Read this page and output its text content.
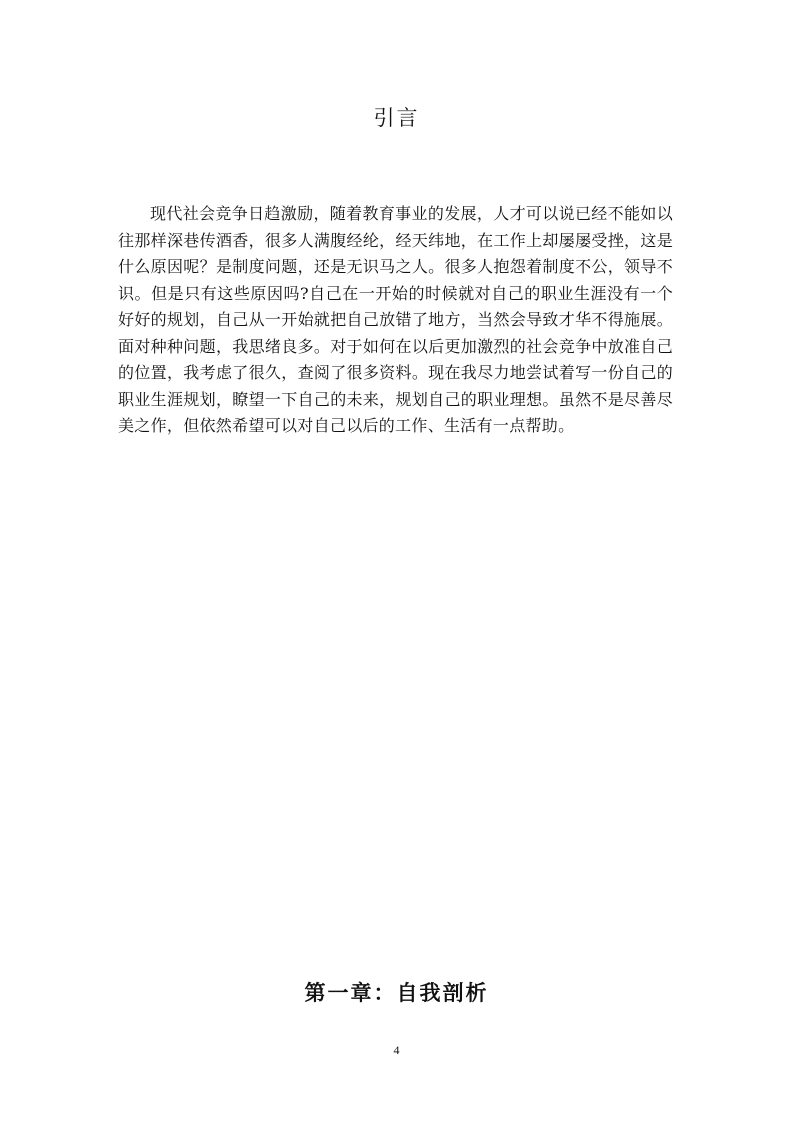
引言

现代社会竞争日趋激励，随着教育事业的发展，人才可以说已经不能如以往那样深巷传酒香，很多人满腹经纶，经天纬地，在工作上却屡屡受挫，这是什么原因呢？是制度问题，还是无识马之人。很多人抱怨着制度不公，领导不识。但是只有这些原因吗?自己在一开始的时候就对自己的职业生涯没有一个好好的规划，自己从一开始就把自己放错了地方，当然会导致才华不得施展。面对种种问题，我思绪良多。对于如何在以后更加激烈的社会竞争中放准自己的位置，我考虑了很久，查阅了很多资料。现在我尽力地尝试着写一份自己的职业生涯规划，瞭望一下自己的未来，规划自己的职业理想。虽然不是尽善尽美之作，但依然希望可以对自己以后的工作、生活有一点帮助。

第一章：自我剖析
4
